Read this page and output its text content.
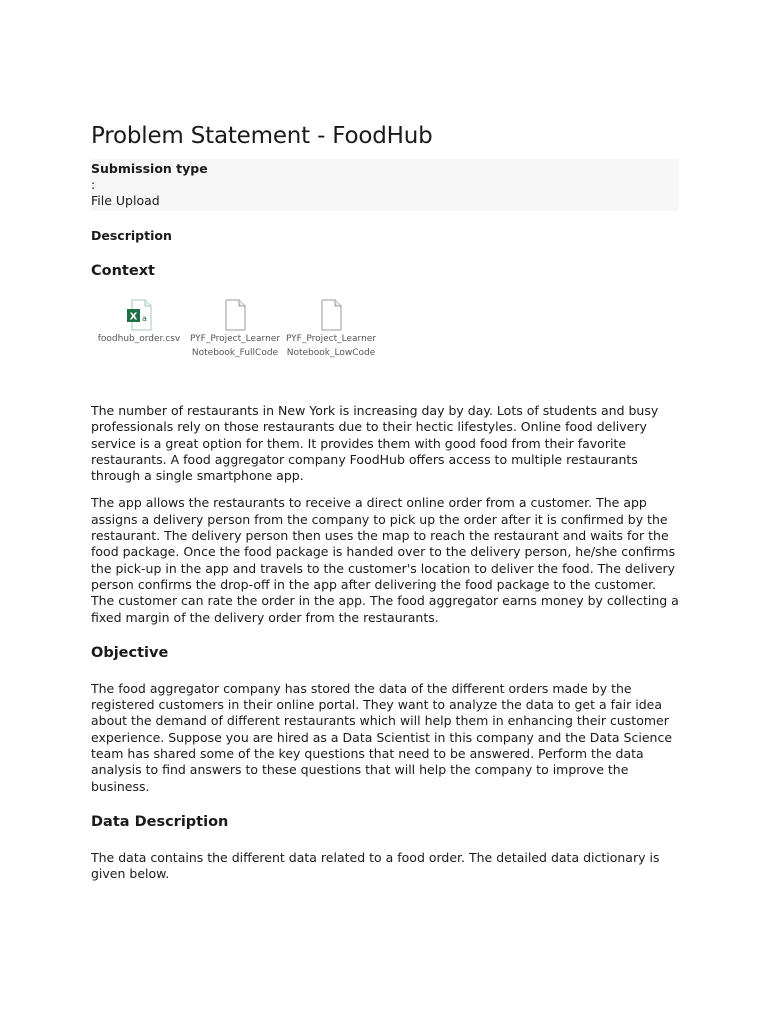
Problem Statement - FoodHub
Submission type
:
File Upload
Description
Context
a
X
foodhub_order.csv	PYF_Project_Learner
Notebook_FullCode
PYF_Project_Learner
Notebook_LowCode

The number of restaurants in New York is increasing day by day. Lots of students and busy professionals rely on those restaurants due to their hectic lifestyles. Online food delivery service is a great option for them. It provides them with good food from their favorite restaurants. A food aggregator company FoodHub offers access to multiple restaurants through a single smartphone app.

The app allows the restaurants to receive a direct online order from a customer. The app assigns a delivery person from the company to pick up the order after it is confirmed by the restaurant. The delivery person then uses the map to reach the restaurant and waits for the food package. Once the food package is handed over to the delivery person, he/she confirms the pick-up in the app and travels to the customer's location to deliver the food. The delivery person confirms the drop-off in the app after delivering the food package to the customer. The customer can rate the order in the app. The food aggregator earns money by collecting a fixed margin of the delivery order from the restaurants.

Objective

The food aggregator company has stored the data of the different orders made by the registered customers in their online portal. They want to analyze the data to get a fair idea about the demand of different restaurants which will help them in enhancing their customer experience. Suppose you are hired as a Data Scientist in this company and the Data Science team has shared some of the key questions that need to be answered. Perform the data analysis to find answers to these questions that will help the company to improve the business.

Data Description

The data contains the different data related to a food order. The detailed data dictionary is given below.
